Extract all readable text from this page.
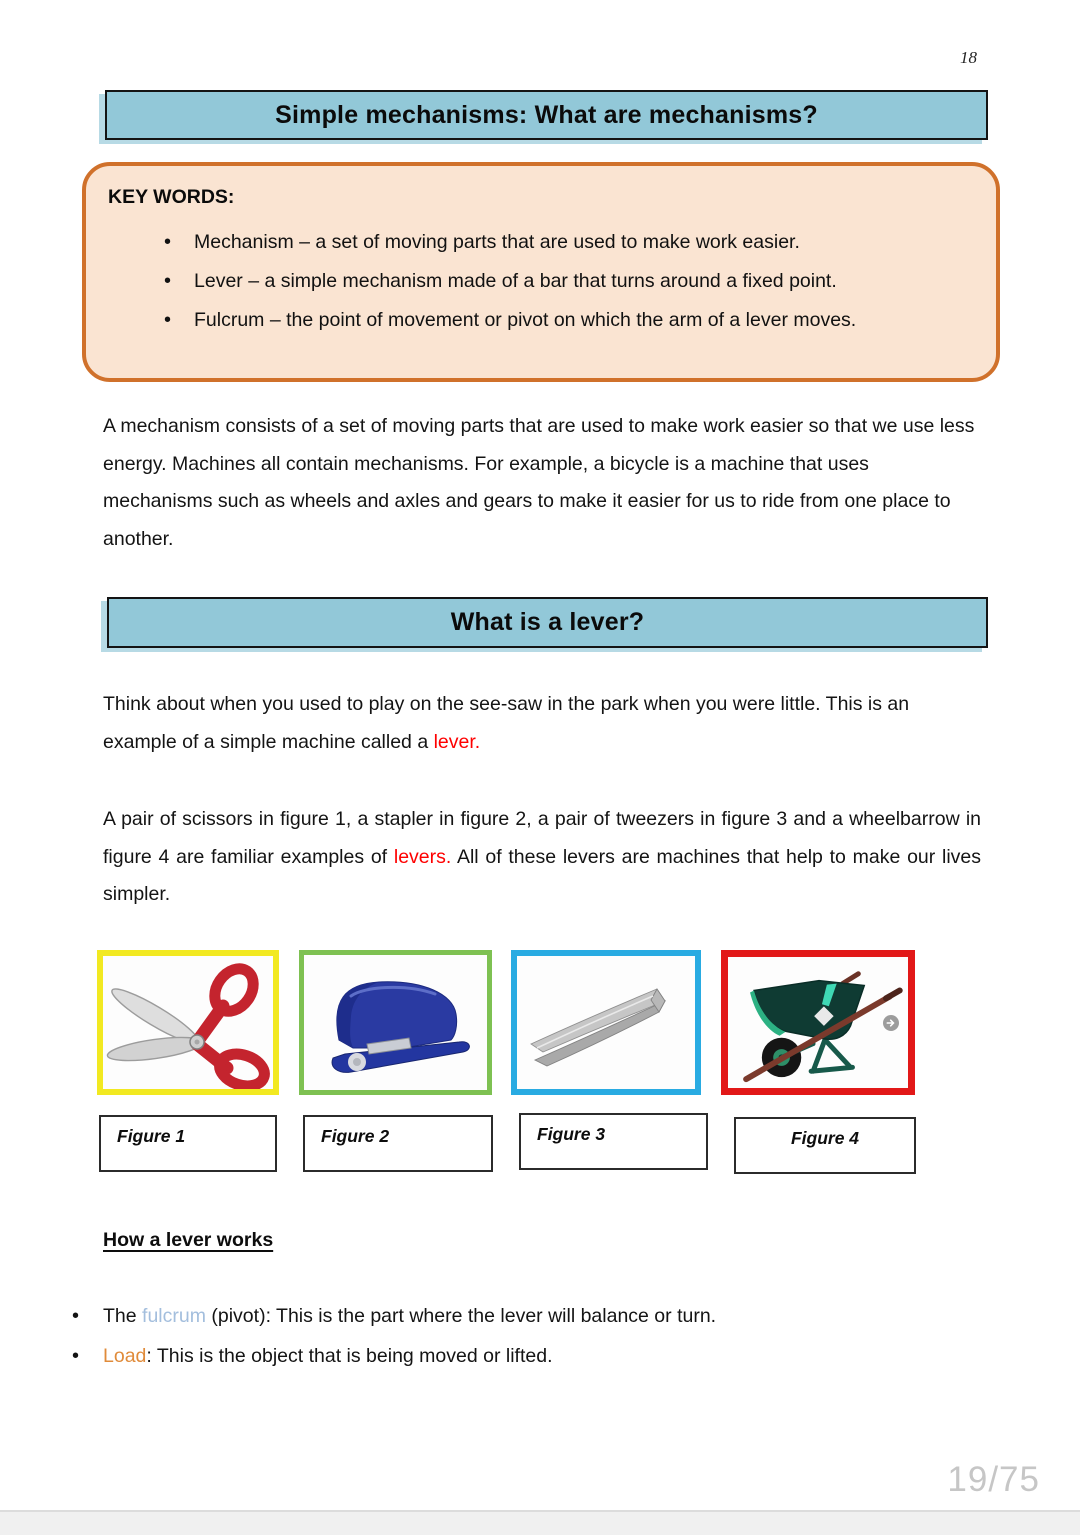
18
Simple mechanisms: What are mechanisms?
KEY WORDS:
• Mechanism – a set of moving parts that are used to make work easier.
• Lever – a simple mechanism made of a bar that turns around a fixed point.
• Fulcrum – the point of movement or pivot on which the arm of a lever moves.

A mechanism consists of a set of moving parts that are used to make work easier so that we use less energy. Machines all contain mechanisms. For example, a bicycle is a machine that uses mechanisms such as wheels and axles and gears to make it easier for us to ride from one place to another.

What is a lever?

Think about when you used to play on the see-saw in the park when you were little. This is an example of a simple machine called a lever.

A pair of scissors in figure 1, a stapler in figure 2, a pair of tweezers in figure 3 and a wheelbarrow in figure 4 are familiar examples of levers. All of these levers are machines that help to make our lives simpler.

Figure 1	Figure 2	Figure 3	Figure 4
How a lever works
• The fulcrum (pivot): This is the part where the lever will balance or turn.
• Load: This is the object that is being moved or lifted.
19/75
